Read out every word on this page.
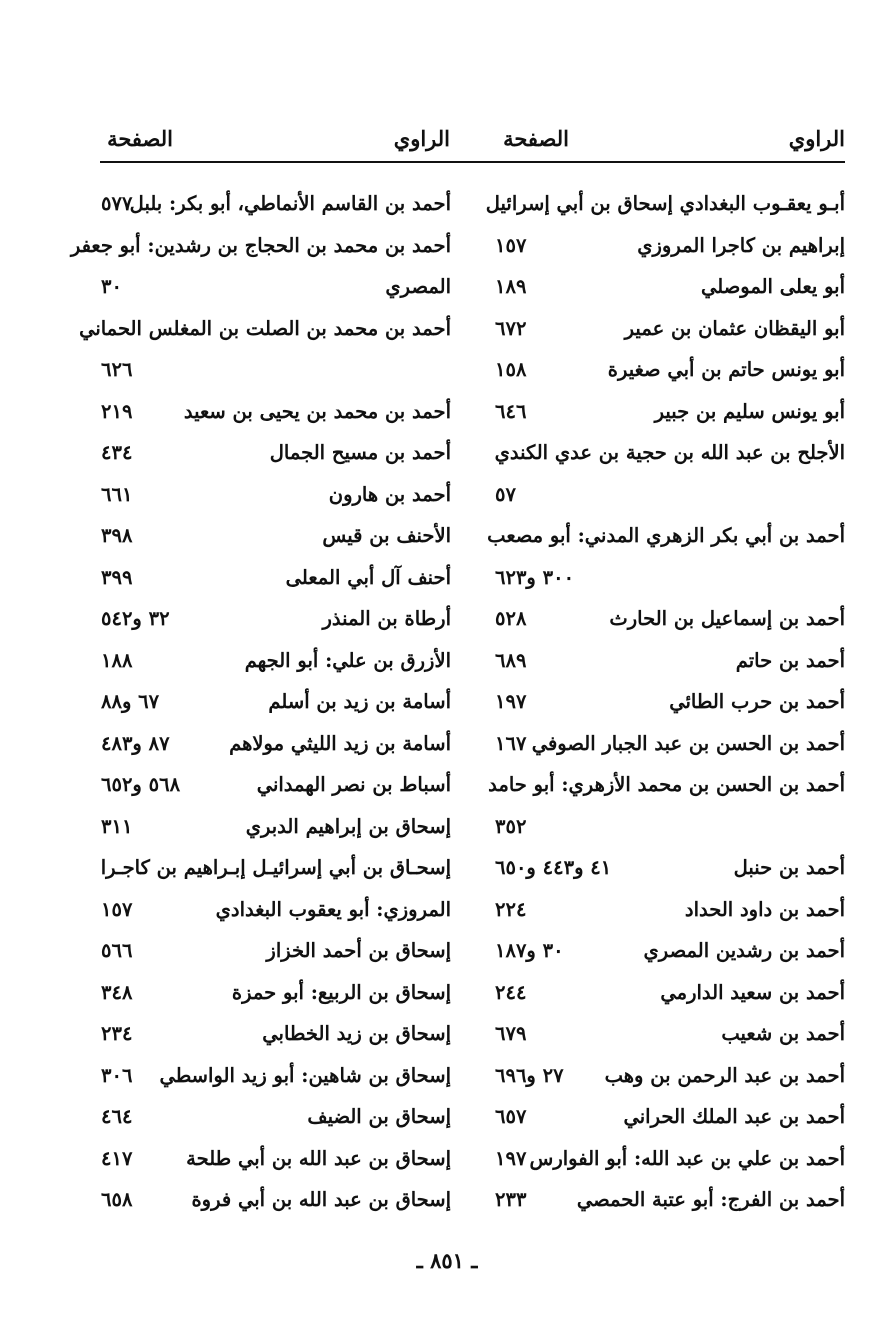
الراوي
الصفحة
الراوي
الصفحة
أبـو يعقـوب البغدادي إسحاق بن أبي إسرائيل
إبراهيم بن كاجرا المروزي
١٥٧
أبو يعلى الموصلي
١٨٩
أبو اليقظان عثمان بن عمير
٦٧٢
أبو يونس حاتم بن أبي صغيرة
١٥٨
أبو يونس سليم بن جبير
٦٤٦
الأجلح بن عبد الله بن حجية بن عدي الكندي
٥٧
أحمد بن أبي بكر الزهري المدني: أبو مصعب
٣٠٠ و٦٢٣
أحمد بن إسماعيل بن الحارث
٥٢٨
أحمد بن حاتم
٦٨٩
أحمد بن حرب الطائي
١٩٧
أحمد بن الحسن بن عبد الجبار الصوفي
١٦٧
أحمد بن الحسن بن محمد الأزهري: أبو حامد
٣٥٢
أحمد بن حنبل
٤١ و٤٤٣ و٦٥٠
أحمد بن داود الحداد
٢٢٤
أحمد بن رشدين المصري
٣٠ و١٨٧
أحمد بن سعيد الدارمي
٢٤٤
أحمد بن شعيب
٦٧٩
أحمد بن عبد الرحمن بن وهب
٢٧ و٦٩٦
أحمد بن عبد الملك الحراني
٦٥٧
أحمد بن علي بن عبد الله: أبو الفوارس
١٩٧
أحمد بن الفرج: أبو عتبة الحمصي
٢٣٣
أحمد بن القاسم الأنماطي، أبو بكر: بلبل
٥٧٧
أحمد بن محمد بن الحجاج بن رشدين: أبو جعفر
المصري
٣٠
أحمد بن محمد بن الصلت بن المغلس الحماني
٦٢٦
أحمد بن محمد بن يحيى بن سعيد
٢١٩
أحمد بن مسيح الجمال
٤٣٤
أحمد بن هارون
٦٦١
الأحنف بن قيس
٣٩٨
أحنف آل أبي المعلى
٣٩٩
أرطاة بن المنذر
٣٢ و٥٤٢
الأزرق بن علي: أبو الجهم
١٨٨
أسامة بن زيد بن أسلم
٦٧ و٨٨
أسامة بن زيد الليثي مولاهم
٨٧ و٤٨٣
أسباط بن نصر الهمداني
٥٦٨ و٦٥٢
إسحاق بن إبراهيم الدبري
٣١١
إسحـاق بن أبي إسرائيـل إبـراهيم بن كاجـرا
المروزي: أبو يعقوب البغدادي
١٥٧
إسحاق بن أحمد الخزاز
٥٦٦
إسحاق بن الربيع: أبو حمزة
٣٤٨
إسحاق بن زيد الخطابي
٢٣٤
إسحاق بن شاهين: أبو زيد الواسطي
٣٠٦
إسحاق بن الضيف
٤٦٤
إسحاق بن عبد الله بن أبي طلحة
٤١٧
إسحاق بن عبد الله بن أبي فروة
٦٥٨
ـ ٨٥١ ـ
